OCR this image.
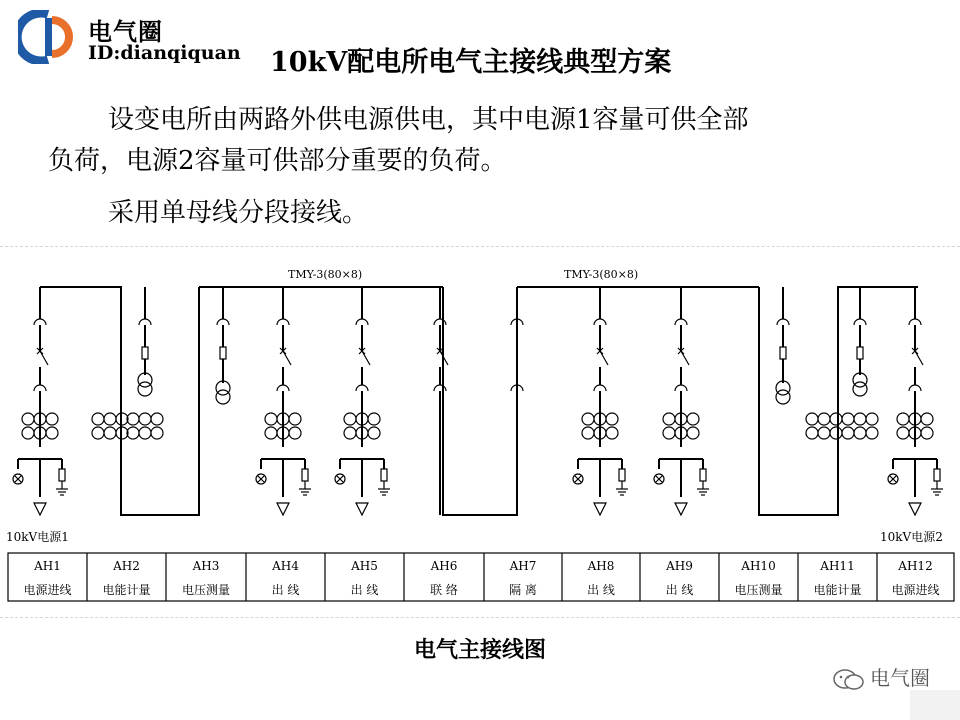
电气圈
ID:dianqiquan 10kV配电所电气主接线典型方案
设变电所由两路外供电源供电，其中电源1容量可供全部
负荷，电源2容量可供部分重要的负荷。
采用单母线分段接线。
TMY-3(80×8)	TMY-3(80×8)
10kV电源1	10kV电源2
AH1
电源进线
AH2
电能计量
AH3
电压测量
AH4
出 线
AH5
出 线
AH6
联 络
AH7
隔 离
AH8
出 线
AH9
出 线
AH10
电压测量
AH11
电能计量
AH12
电源进线
电气主接线图
电气圈
